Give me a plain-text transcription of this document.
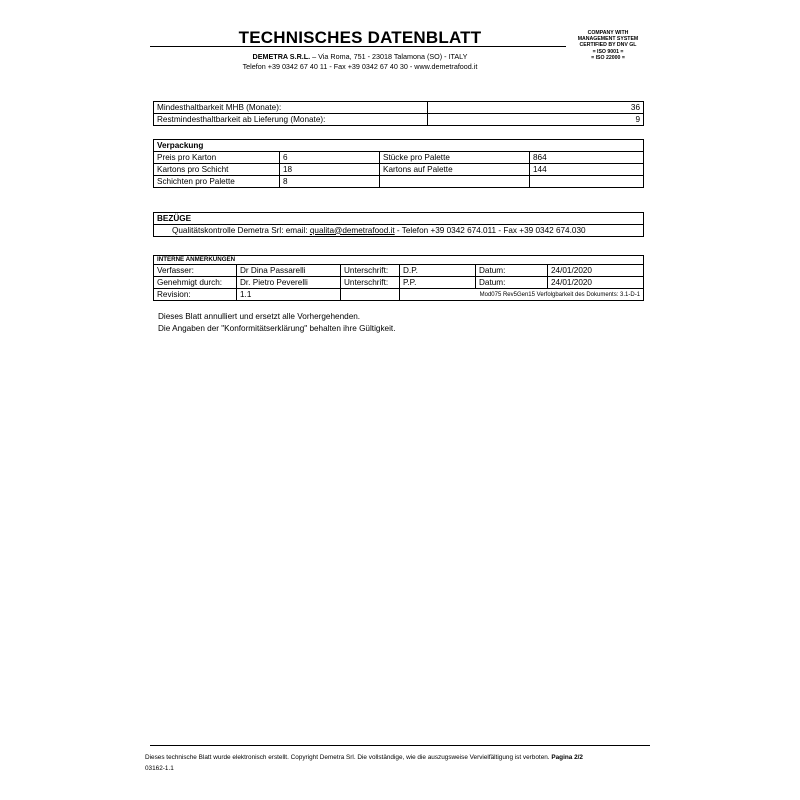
TECHNISCHES DATENBLATT
DEMETRA S.R.L. – Via Roma, 751 - 23018 Talamona (SO) - ITALY
Telefon +39 0342 67 40 11 - Fax +39 0342 67 40 30 - www.demetrafood.it
COMPANY WITH
MANAGEMENT SYSTEM
CERTIFIED BY DNV GL
= ISO 9001 =
= ISO 22000 =
Mindesthaltbarkeit MHB (Monate):	36
Restmindesthaltbarkeit ab Lieferung (Monate):	9
Verpackung			
Preis pro Karton	6	Stücke pro Palette	864
Kartons pro Schicht	18	Kartons auf Palette	144
Schichten pro Palette	8		
BEZÜGE
Qualitätskontrolle Demetra Srl: email: qualita@demetrafood.it - Telefon +39 0342 674.011 - Fax +39 0342 674.030
INTERNE ANMERKUNGEN					
Verfasser:	Dr Dina Passarelli	Unterschrift:	D.P.	Datum:	24/01/2020
Genehmigt durch:	Dr. Pietro Peverelli	Unterschrift:	P.P.	Datum:	24/01/2020
Revision:	1.1		Mod075 Rev5Gen15 Verfolgbarkeit des Dokuments: 3.1-D-1		
Dieses Blatt annulliert und ersetzt alle Vorhergehenden.
Die Angaben der "Konformitätserklärung" behalten ihre Gültigkeit.
Dieses technische Blatt wurde elektronisch erstellt. Copyright Demetra Srl. Die vollständige, wie die auszugsweise Vervielfältigung ist verboten. Pagina 2/2
03162-1.1
